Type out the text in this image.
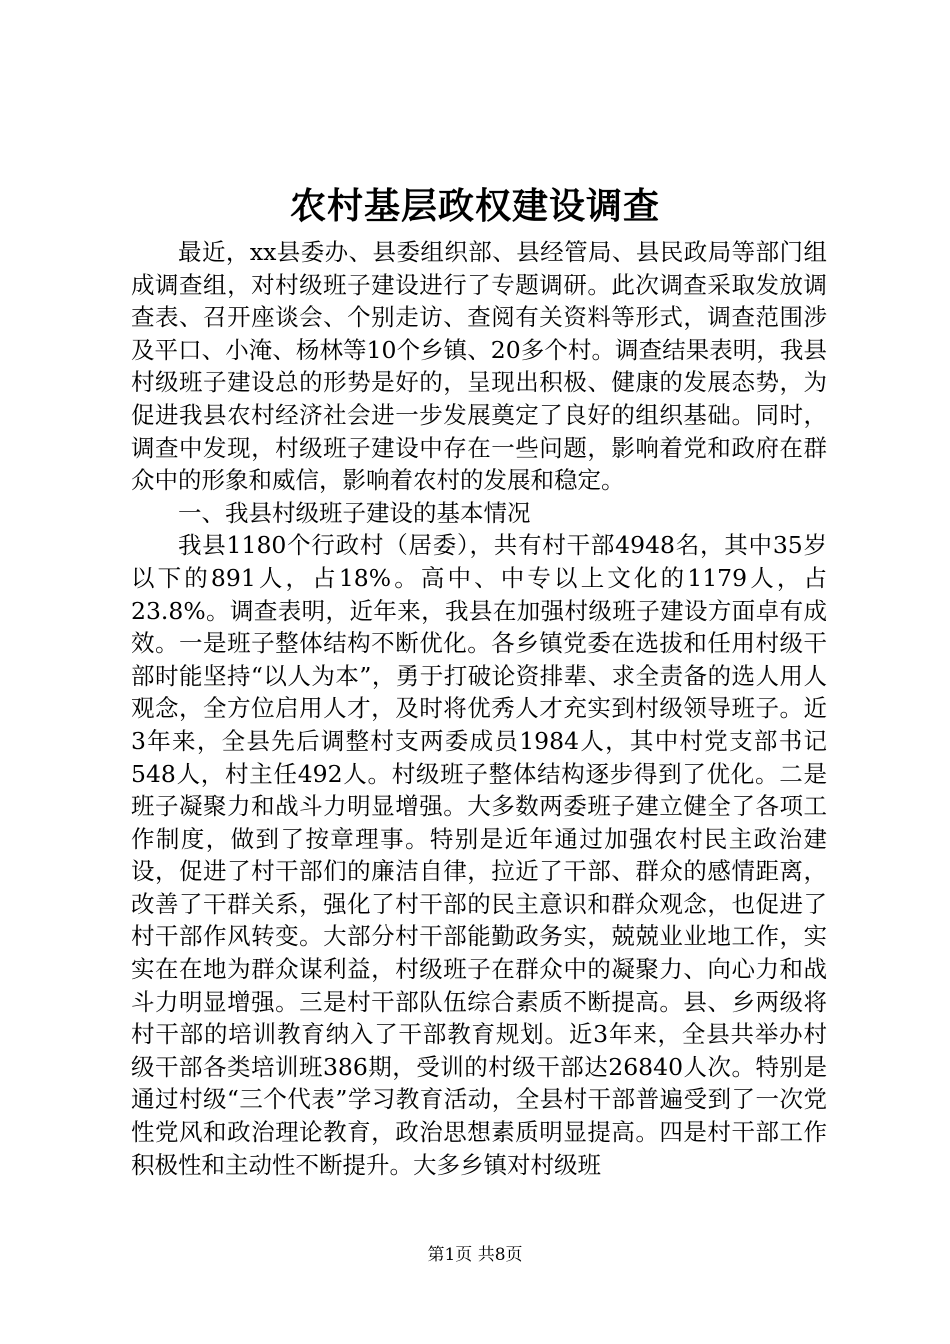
农村基层政权建设调查

最近，xx县委办、县委组织部、县经管局、县民政局等部门组成调查组，对村级班子建设进行了专题调研。此次调查采取发放调查表、召开座谈会、个别走访、查阅有关资料等形式，调查范围涉及平口、小淹、杨林等10个乡镇、20多个村。调查结果表明，我县村级班子建设总的形势是好的，呈现出积极、健康的发展态势，为促进我县农村经济社会进一步发展奠定了良好的组织基础。同时，调查中发现，村级班子建设中存在一些问题，影响着党和政府在群众中的形象和威信，影响着农村的发展和稳定。

一、我县村级班子建设的基本情况

我县1180个行政村（居委），共有村干部4948名，其中35岁以下的891人，占18%。高中、中专以上文化的1179人，占23.8%。调查表明，近年来，我县在加强村级班子建设方面卓有成效。一是班子整体结构不断优化。各乡镇党委在选拔和任用村级干部时能坚持“以人为本”，勇于打破论资排辈、求全责备的选人用人观念，全方位启用人才，及时将优秀人才充实到村级领导班子。近3年来，全县先后调整村支两委成员1984人，其中村党支部书记548人，村主任492人。村级班子整体结构逐步得到了优化。二是班子凝聚力和战斗力明显增强。大多数两委班子建立健全了各项工作制度，做到了按章理事。特别是近年通过加强农村民主政治建设，促进了村干部们的廉洁自律，拉近了干部、群众的感情距离，改善了干群关系，强化了村干部的民主意识和群众观念，也促进了村干部作风转变。大部分村干部能勤政务实，兢兢业业地工作，实实在在地为群众谋利益，村级班子在群众中的凝聚力、向心力和战斗力明显增强。三是村干部队伍综合素质不断提高。县、乡两级将村干部的培训教育纳入了干部教育规划。近3年来，全县共举办村级干部各类培训班386期，受训的村级干部达26840人次。特别是通过村级“三个代表”学习教育活动，全县村干部普遍受到了一次党性党风和政治理论教育，政治思想素质明显提高。四是村干部工作积极性和主动性不断提升。大多乡镇对村级班

第1页 共8页
